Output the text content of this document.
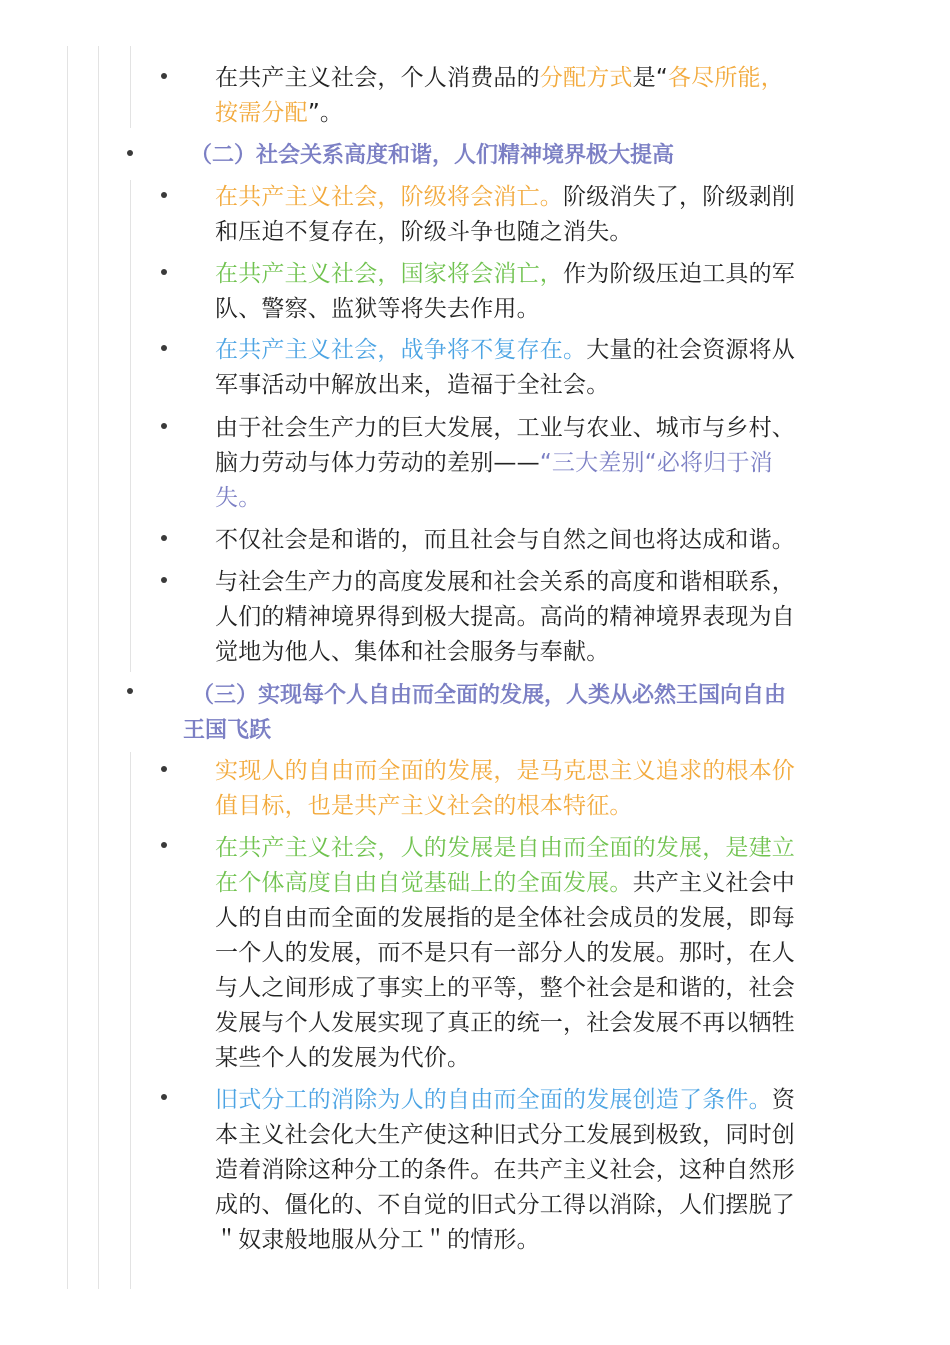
在共产主义社会，个人消费品的分配方式是“各尽所能，按需分配”。
（二）社会关系高度和谐，人们精神境界极大提高
在共产主义社会，阶级将会消亡。阶级消失了，阶级剥削和压迫不复存在，阶级斗争也随之消失。
在共产主义社会，国家将会消亡，作为阶级压迫工具的军队、警察、监狱等将失去作用。
在共产主义社会，战争将不复存在。大量的社会资源将从军事活动中解放出来，造福于全社会。
由于社会生产力的巨大发展，工业与农业、城市与乡村、脑力劳动与体力劳动的差别——“三大差别“必将归于消失。
不仅社会是和谐的，而且社会与自然之间也将达成和谐。
与社会生产力的高度发展和社会关系的高度和谐相联系，人们的精神境界得到极大提高。高尚的精神境界表现为自觉地为他人、集体和社会服务与奉献。
（三）实现每个人自由而全面的发展，人类从必然王国向自由王国飞跃
实现人的自由而全面的发展，是马克思主义追求的根本价值目标，也是共产主义社会的根本特征。
在共产主义社会，人的发展是自由而全面的发展，是建立在个体高度自由自觉基础上的全面发展。共产主义社会中人的自由而全面的发展指的是全体社会成员的发展，即每一个人的发展，而不是只有一部分人的发展。那时，在人与人之间形成了事实上的平等，整个社会是和谐的，社会发展与个人发展实现了真正的统一，社会发展不再以牺牲某些个人的发展为代价。
旧式分工的消除为人的自由而全面的发展创造了条件。资本主义社会化大生产使这种旧式分工发展到极致，同时创造着消除这种分工的条件。在共产主义社会，这种自然形成的、僵化的、不自觉的旧式分工得以消除，人们摆脱了＂奴隶般地服从分工＂的情形。
